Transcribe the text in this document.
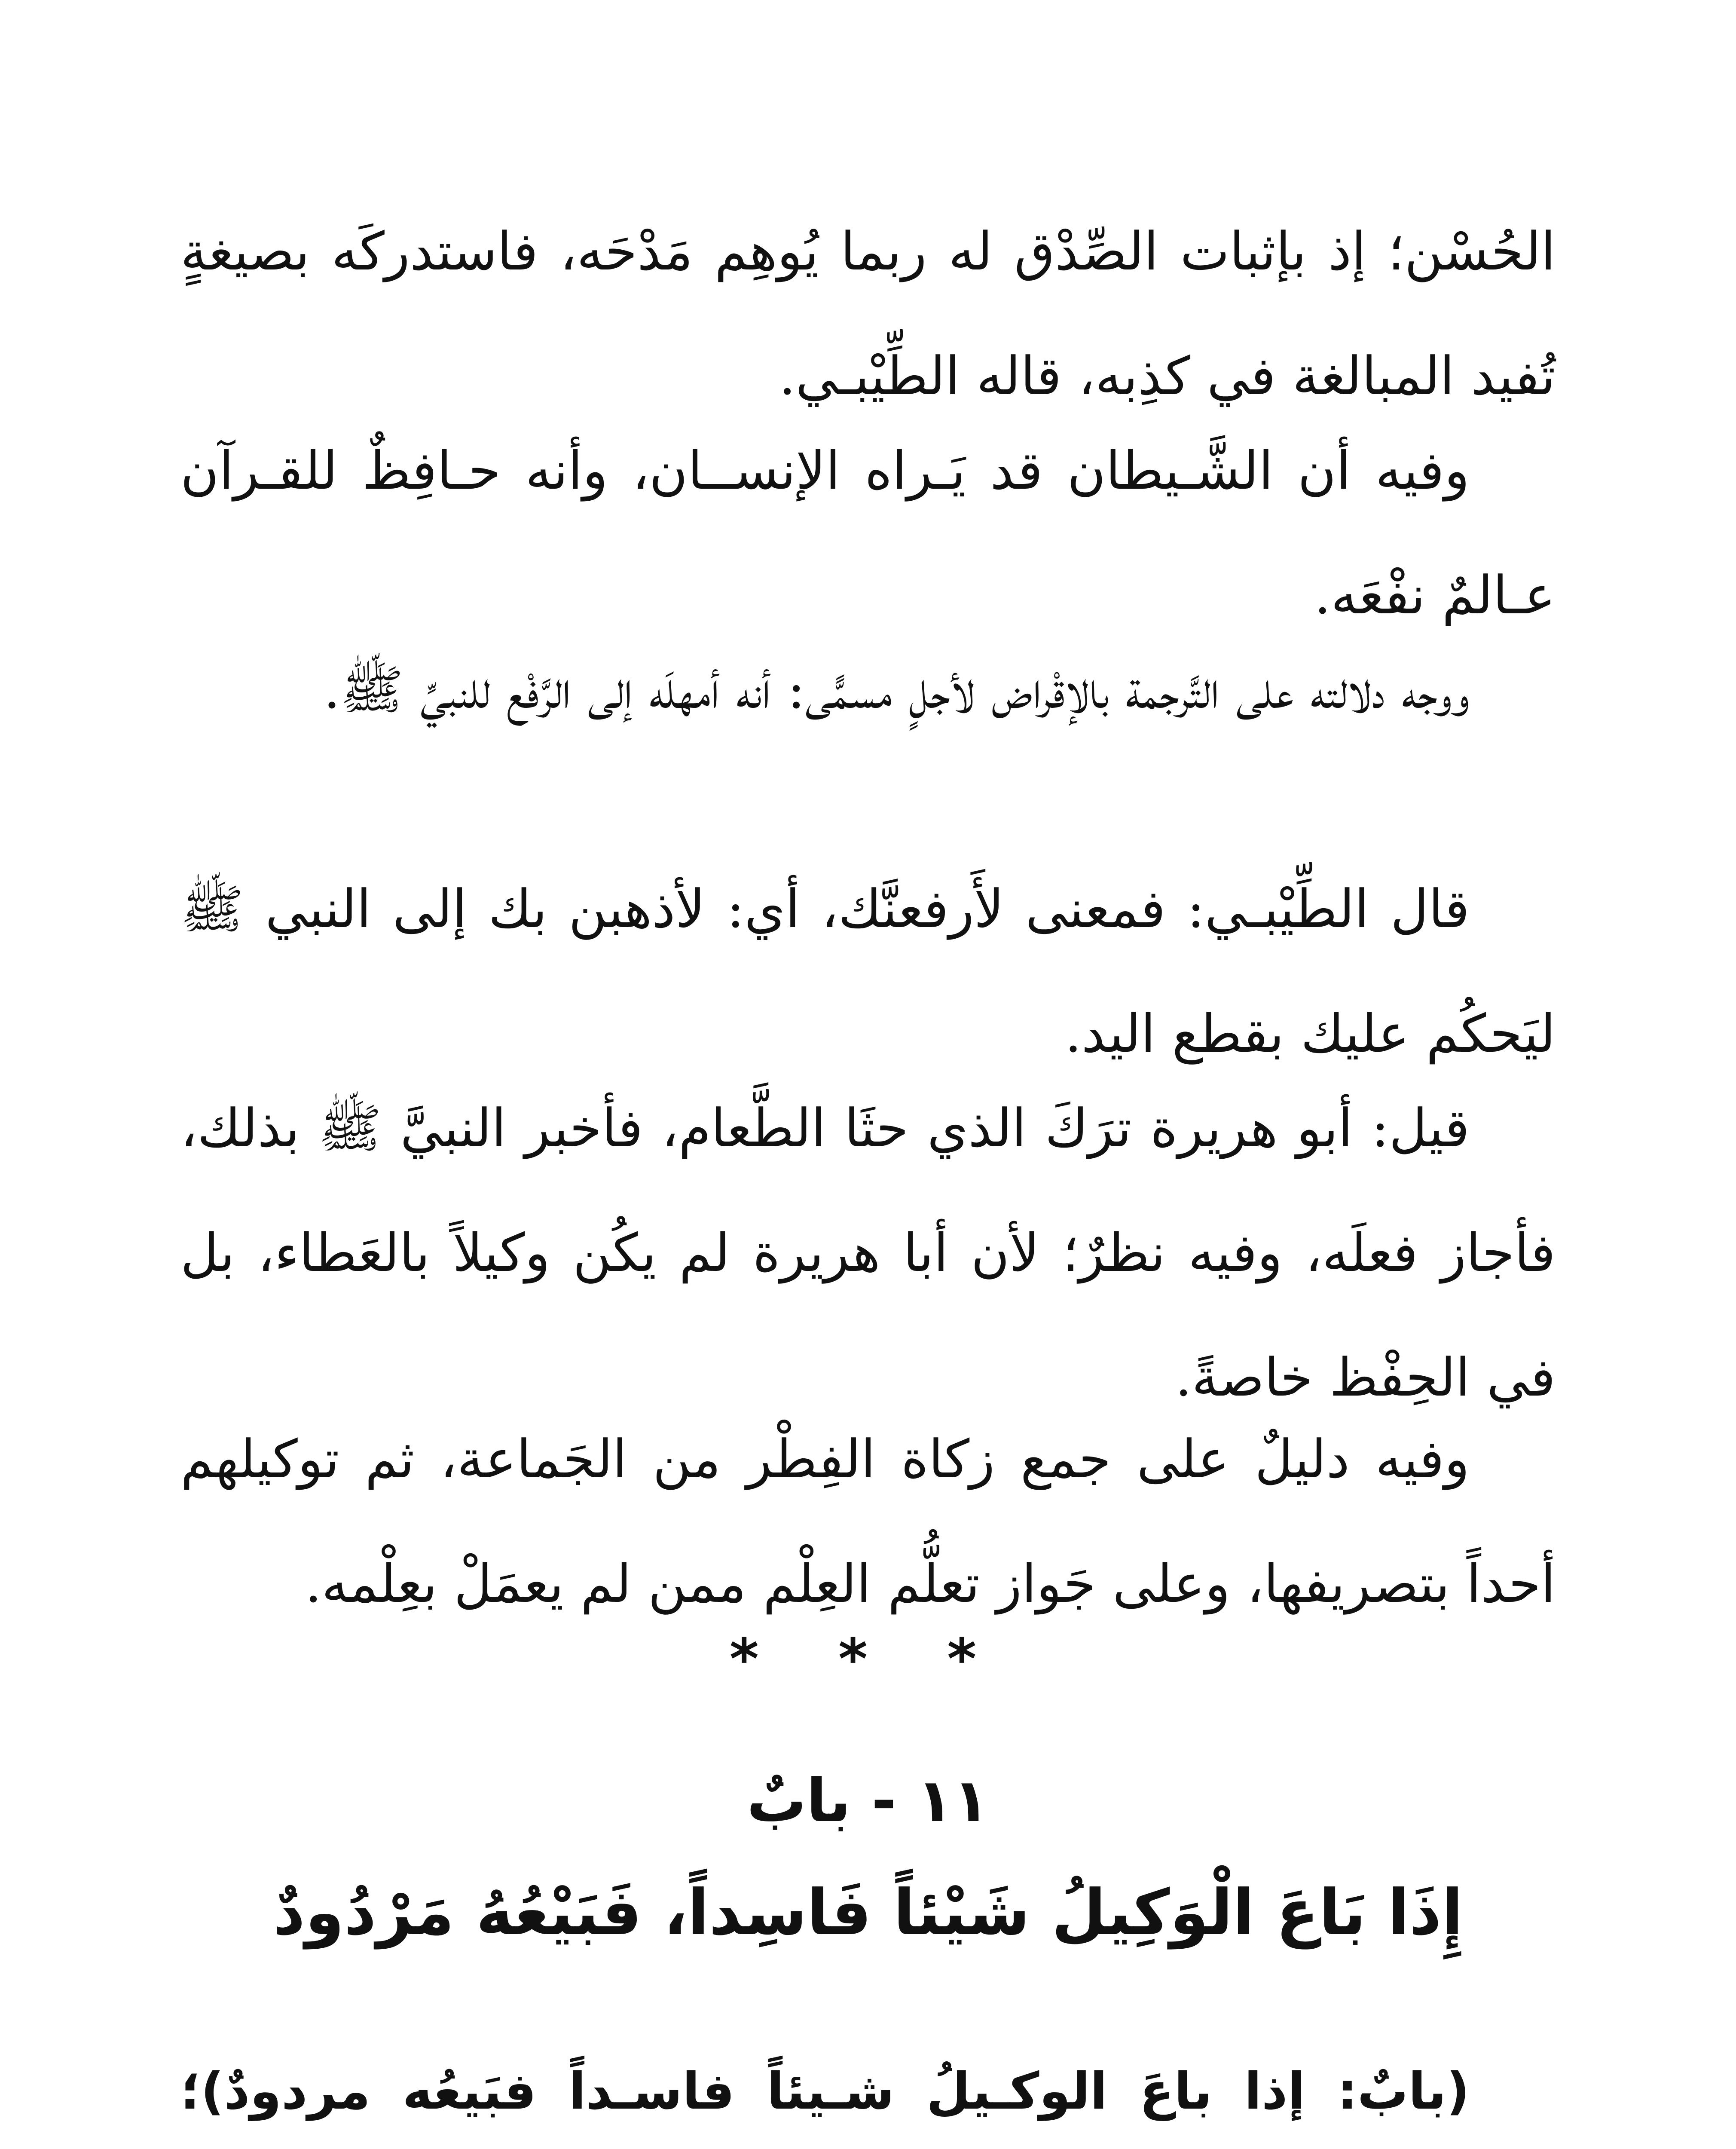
الحُسْن؛ إذ بإثبات الصِّدْق له ربما يُوهِم مَدْحَه، فاستدركَه بصيغةٍ تُفيد المبالغة في كذِبه، قاله الطِّيْبـي.

وفيه أن الشَّـيطان قد يَـراه الإنســان، وأنه حـافِظٌ للقـرآن عـالمٌ نفْعَه.

ووجه دلالته على التَّرجمة بالإقْراض لأجلٍ مسمًّى: أنه أمهلَه إلى الرَّفْع للنبيِّ ﷺ.

قال الطِّيْبـي: فمعنى لأَرفعنَّك، أي: لأذهبن بك إلى النبي ﷺ ليَحكُم عليك بقطع اليد.

قيل: أبو هريرة ترَكَ الذي حثَا الطَّعام، فأخبر النبيَّ ﷺ بذلك، فأجاز فعلَه، وفيه نظرٌ؛ لأن أبا هريرة لم يكُن وكيلاً بالعَطاء، بل في الحِفْظ خاصةً.

وفيه دليلٌ على جمع زكاة الفِطْر من الجَماعة، ثم توكيلهم أحداً بتصريفها، وعلى جَواز تعلُّم العِلْم ممن لم يعمَلْ بعِلْمه.

* * *
١١ - بابٌ
إِذَا بَاعَ الْوَكِيلُ شَيْئاً فَاسِداً، فَبَيْعُهُ مَرْدُودٌ

(بابٌ: إذا باعَ الوكـيلُ شـيئاً فاسـداً فبَيعُه مردودٌ)؛
